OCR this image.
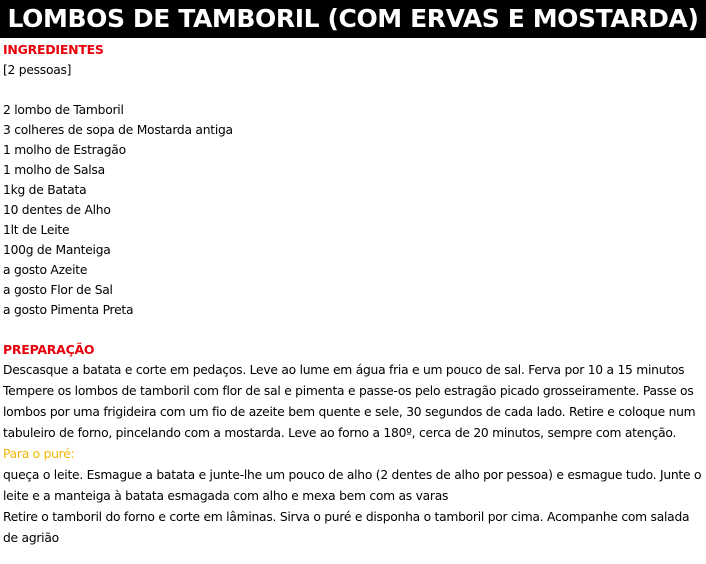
LOMBOS DE TAMBORIL (COM ERVAS E MOSTARDA)
INGREDIENTES
[2 pessoas]
2 lombo de Tamboril
3 colheres de sopa de Mostarda antiga
1 molho de Estragão
1 molho de Salsa
1kg de Batata
10 dentes de Alho
1lt de Leite
100g de Manteiga
a gosto Azeite
a gosto Flor de Sal
a gosto Pimenta Preta
PREPARAÇÃO

Descasque a batata e corte em pedaços. Leve ao lume em água fria e um pouco de sal. Ferva por 10 a 15 minutos

Tempere os lombos de tamboril com flor de sal e pimenta e passe-os pelo estragão picado grosseiramente. Passe os lombos por uma frigideira com um fio de azeite bem quente e sele, 30 segundos de cada lado. Retire e coloque num tabuleiro de forno, pincelando com a mostarda. Leve ao forno a 180º, cerca de 20 minutos, sempre com atenção.

Para o puré:

queça o leite. Esmague a batata e junte-lhe um pouco de alho (2 dentes de alho por pessoa) e esmague tudo. Junte o leite e a manteiga à batata esmagada com alho e mexa bem com as varas

Retire o tamboril do forno e corte em lâminas. Sirva o puré e disponha o tamboril por cima. Acompanhe com salada de agrião
